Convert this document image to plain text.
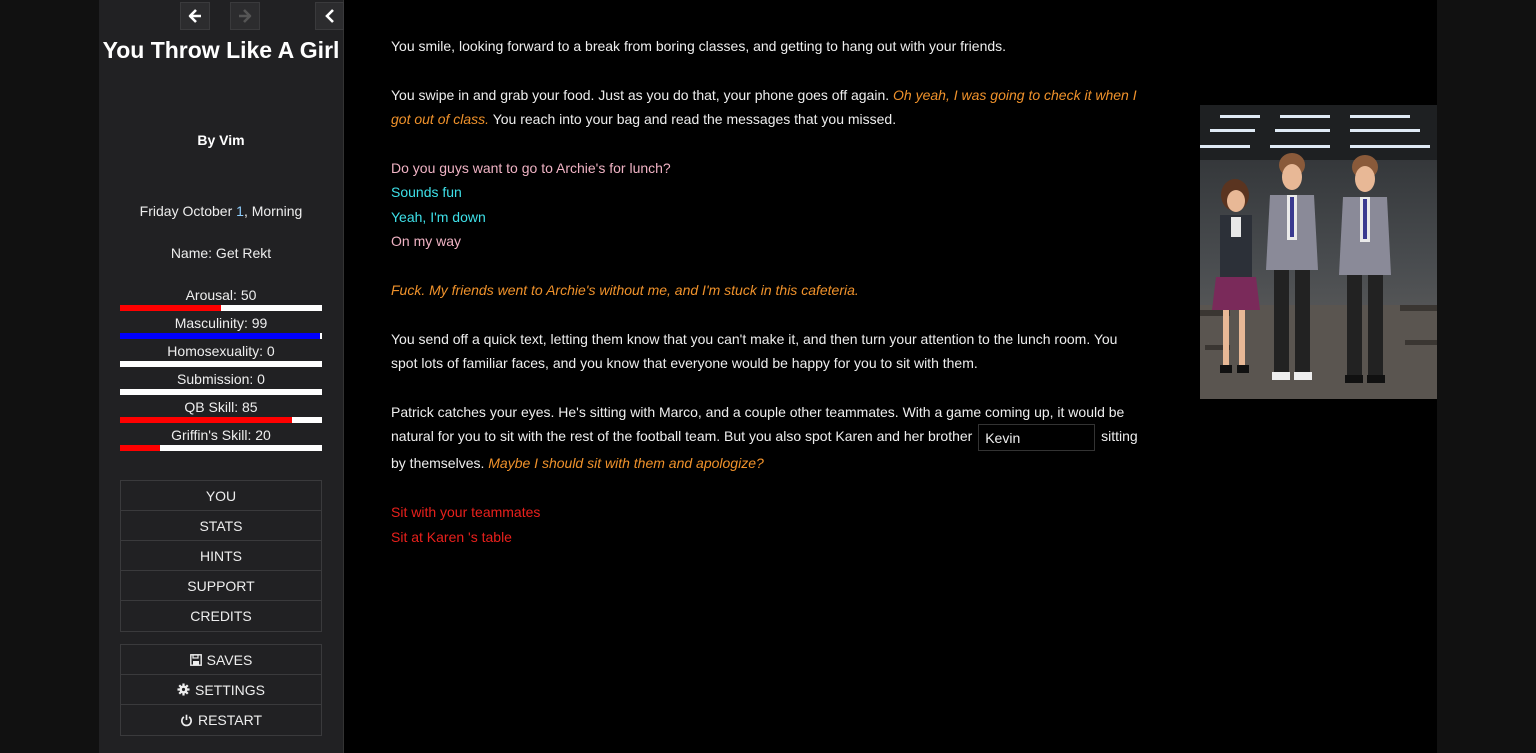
You Throw Like A Girl
By Vim
Friday October 1, Morning
Name: Get Rekt
YOU
STATS
HINTS
SUPPORT
CREDITS
SAVES
SETTINGS
RESTART
Arousal: 50
Masculinity: 99
Homosexuality: 0
Submission: 0
QB Skill: 85
Griffin's Skill: 20

You smile, looking forward to a break from boring classes, and getting to hang out with your friends.

You swipe in and grab your food. Just as you do that, your phone goes off again. Oh yeah, I was going to check it when I got out of class. You reach into your bag and read the messages that you missed.

Do you guys want to go to Archie's for lunch?
Sounds fun
Yeah, I'm down
On my way

Fuck. My friends went to Archie's without me, and I'm stuck in this cafeteria.

You send off a quick text, letting them know that you can't make it, and then turn your attention to the lunch room. You spot lots of familiar faces, and you know that everyone would be happy for you to sit with them.

Patrick catches your eyes. He's sitting with Marco, and a couple other teammates. With a game coming up, it would be natural for you to sit with the rest of the football team. But you also spot Karen and her brother Kevin	sitting by themselves. Maybe I should sit with them and apologize?

Sit with your teammates
Sit at Karen 's table
